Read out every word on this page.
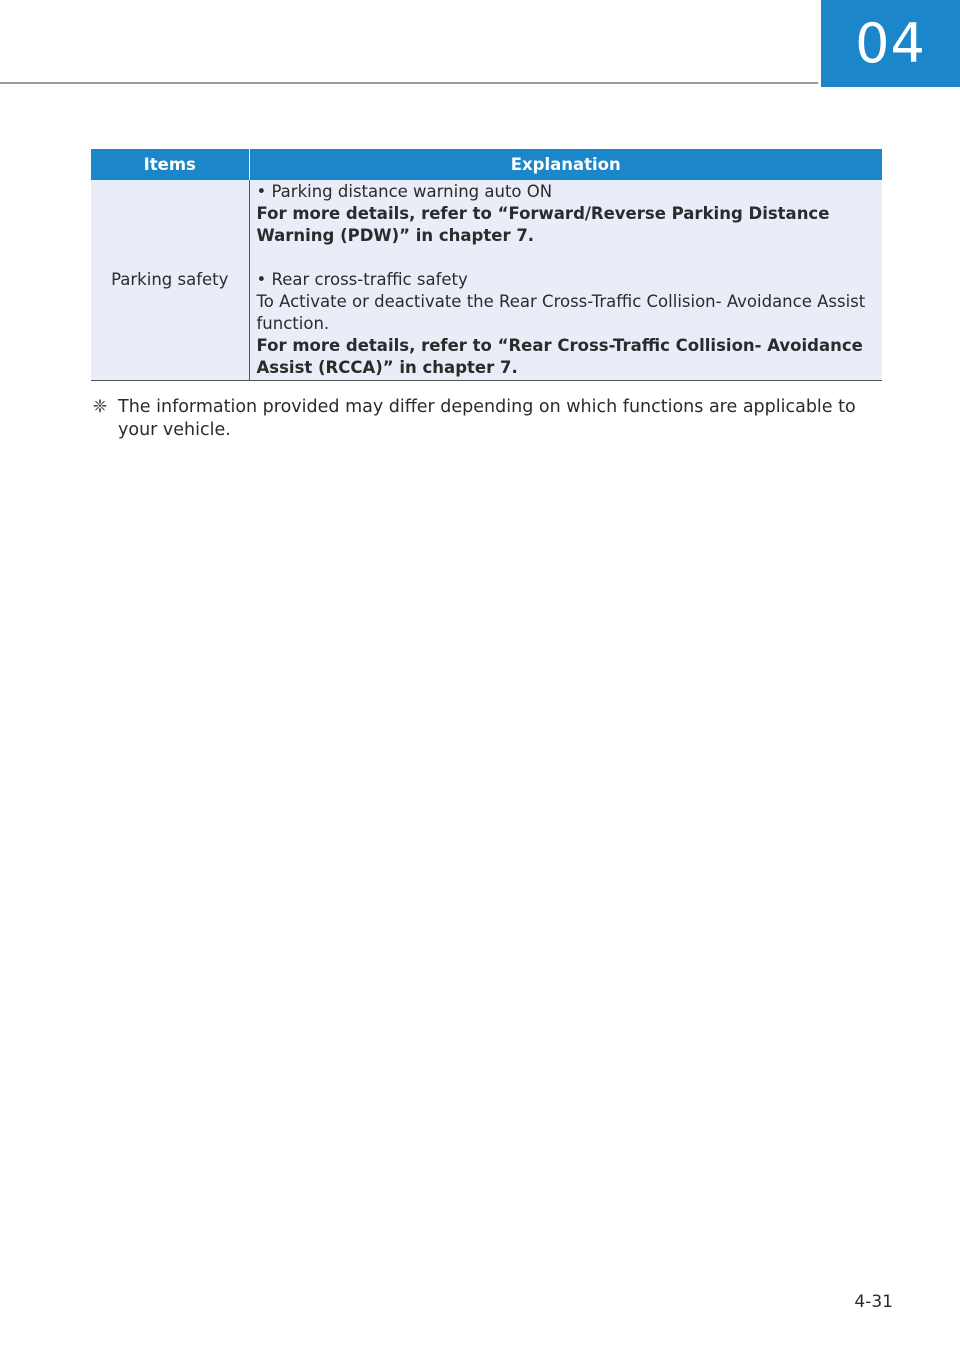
04
Items	Explanation
Parking safety	• Parking distance warning auto ON
For more details, refer to “Forward/Reverse Parking Distance Warning (PDW)” in chapter 7.
• Rear cross-traffic safety
To Activate or deactivate the Rear Cross-Traffic Collision- Avoidance Assist function.
For more details, refer to “Rear Cross-Traffic Collision- Avoidance Assist (RCCA)” in chapter 7.
❈ The information provided may differ depending on which functions are applicable to your vehicle.
4-31
